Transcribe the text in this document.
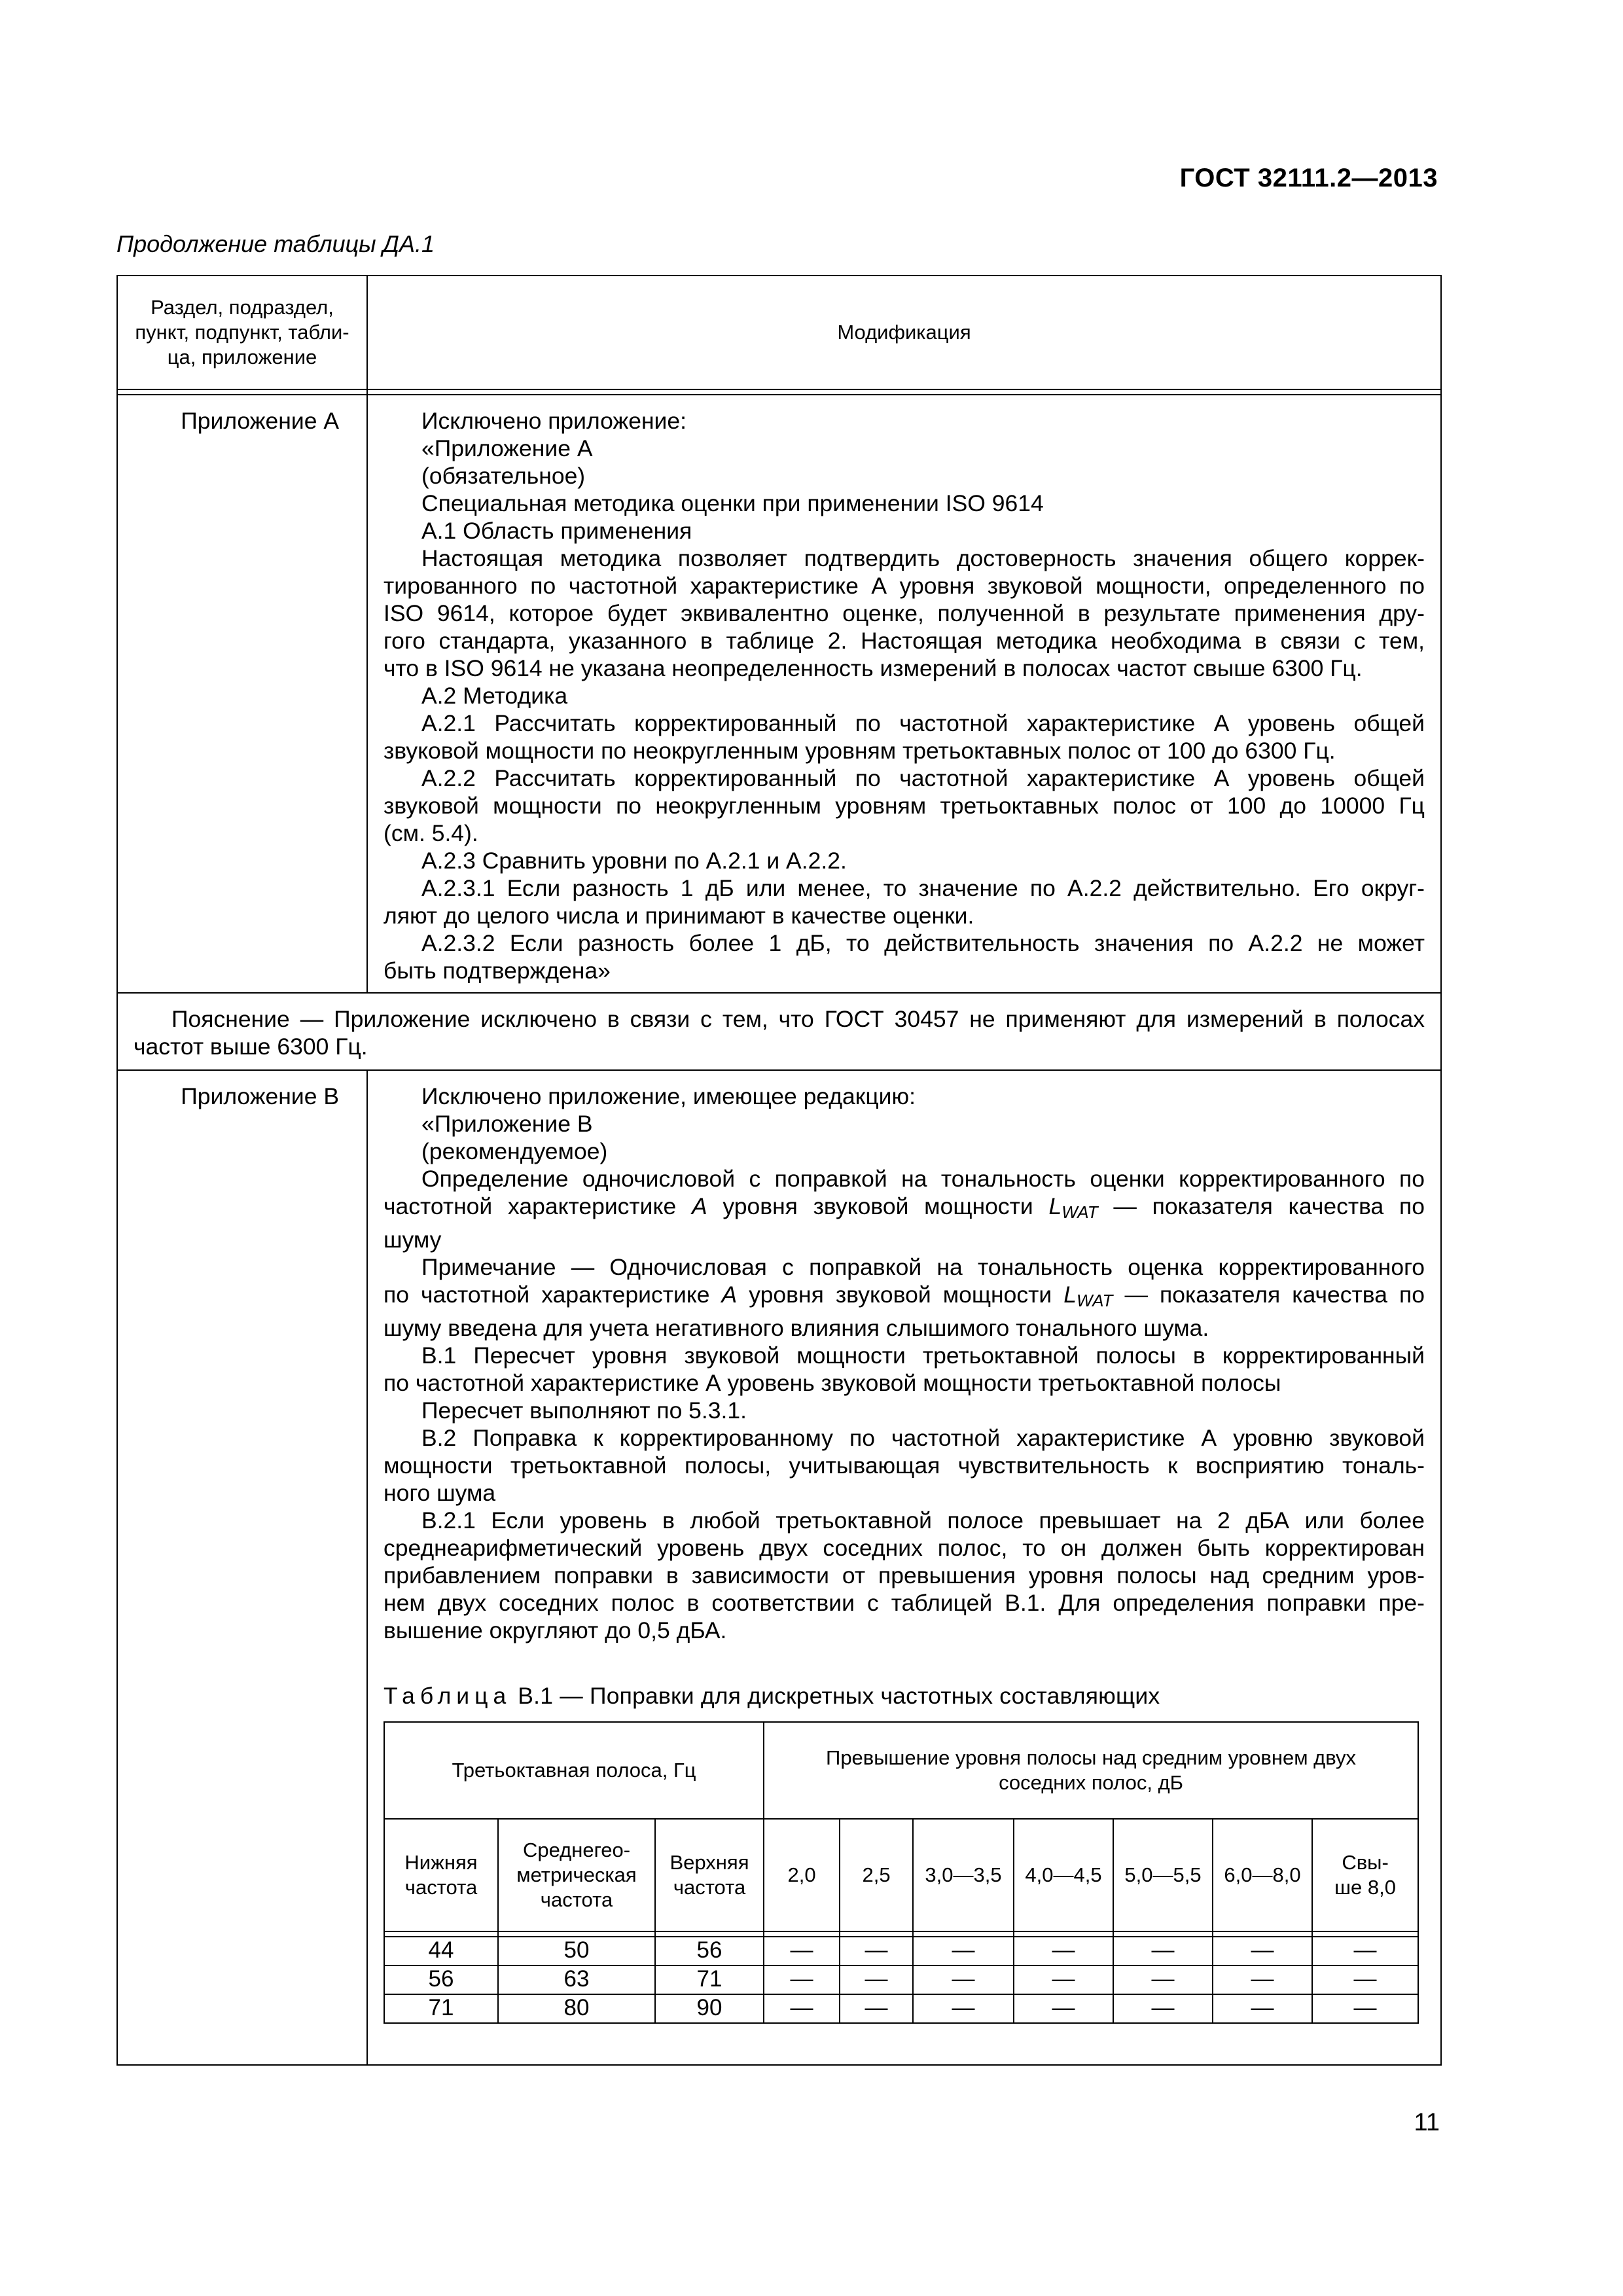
ГОСТ 32111.2—2013
Продолжение таблицы ДА.1
Раздел, подраздел,
пункт, подпункт, табли-
ца, приложение
	Модификация

Приложение А	Исключено приложение:
«Приложение А
(обязательное)
Специальная методика оценки при применении ISO 9614
А.1 Область применения
Настоящая методика позволяет подтвердить достоверность значения общего коррек-
тированного по частотной характеристике А уровня звуковой мощности, определенного по
ISO 9614, которое будет эквивалентно оценке, полученной в результате применения дру-
гого стандарта, указанного в таблице 2. Настоящая методика необходима в связи с тем,
что в ISO 9614 не указана неопределенность измерений в полосах частот свыше 6300 Гц.
А.2 Методика
А.2.1 Рассчитать корректированный по частотной характеристике А уровень общей
звуковой мощности по неокругленным уровням третьоктавных полос от 100 до 6300 Гц.
А.2.2 Рассчитать корректированный по частотной характеристике А уровень общей
звуковой мощности по неокругленным уровням третьоктавных полос от 100 до 10000 Гц
(см. 5.4).
А.2.3 Сравнить уровни по А.2.1 и А.2.2.
А.2.3.1 Если разность 1 дБ или менее, то значение по А.2.2 действительно. Его округ-
ляют до целого числа и принимают в качестве оценки.
А.2.3.2 Если разность более 1 дБ, то действительность значения по А.2.2 не может
быть подтверждена»

Пояснение — Приложение исключено в связи с тем, что ГОСТ 30457 не применяют для измерений в полосах
частот выше 6300 Гц.

Приложение В	Исключено приложение, имеющее редакцию:
«Приложение В
(рекомендуемое)
Определение одночисловой с поправкой на тональность оценки корректированного по
частотной характеристике А уровня звуковой мощности $L_{WAT}$ — показателя качества по
шуму
Примечание — Одночисловая с поправкой на тональность оценка корректированного
по частотной характеристике А уровня звуковой мощности $L_{WAT}$ — показателя качества по
шуму введена для учета негативного влияния слышимого тонального шума.
В.1 Пересчет уровня звуковой мощности третьоктавной полосы в корректированный
по частотной характеристике А уровень звуковой мощности третьоктавной полосы
Пересчет выполняют по 5.3.1.
В.2 Поправка к корректированному по частотной характеристике А уровню звуковой
мощности третьоктавной полосы, учитывающая чувствительность к восприятию тональ-
ного шума
В.2.1 Если уровень в любой третьоктавной полосе превышает на 2 дБА или более
среднеарифметический уровень двух соседних полос, то он должен быть корректирован
прибавлением поправки в зависимости от превышения уровня полосы над средним уров-
нем двух соседних полос в соответствии с таблицей В.1. Для определения поправки пре-
вышение округляют до 0,5 дБА.
Таблица В.1 — Поправки для дискретных частотных составляющих
Третьоктавная полоса, Гц	Превышение уровня полосы над средним уровнем двух соседних полос, дБ
Нижняя частота	Среднегео- метрическая частота	Верхняя частота	2,0	2,5	3,0—3,5	4,0—4,5	5,0—5,5	6,0—8,0	Свы- ше 8,0

44	50	56	—	—	—	—	—	—	—
56	63	71	—	—	—	—	—	—	—
71	80	90	—	—	—	—	—	—	—
11
